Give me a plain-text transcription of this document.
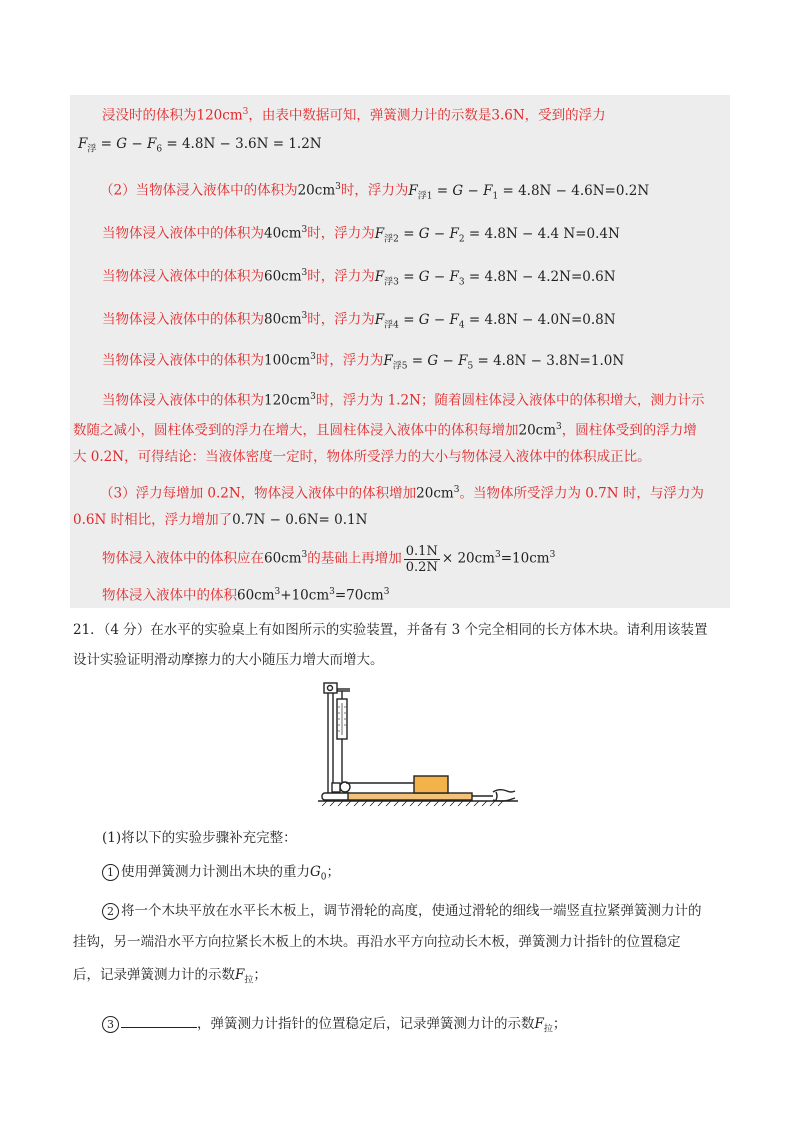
浸没时的体积为$120cm^3$，由表中数据可知，弹簧测力计的示数是3.6N，受到的浮力
$F_浮 = G - F_6 = 4.8N - 3.6N = 1.2N$
（2）当物体浸入液体中的体积为$20cm^3$时，浮力为$F_{浮1} = G - F_1 = 4.8N - 4.6N=0.2N$
当物体浸入液体中的体积为$40cm^3$时，浮力为$F_{浮2} = G - F_2 = 4.8N - 4.4$ N=0.4N
当物体浸入液体中的体积为$60cm^3$时，浮力为$F_{浮3} = G - F_3 = 4.8N - 4.2N=0.6N$
当物体浸入液体中的体积为$80cm^3$时，浮力为$F_{浮4} = G - F_4 = 4.8N - 4.0N=0.8N$
当物体浸入液体中的体积为$100cm^3$时，浮力为$F_{浮5} = G - F_5 = 4.8N - 3.8N=1.0N$
当物体浸入液体中的体积为$120cm^3$时，浮力为 1.2N；随着圆柱体浸入液体中的体积增大，测力计示
数随之减小，圆柱体受到的浮力在增大，且圆柱体浸入液体中的体积每增加$20cm^3$，圆柱体受到的浮力增
大 0.2N，可得结论：当液体密度一定时，物体所受浮力的大小与物体浸入液体中的体积成正比。
（3）浮力每增加 0.2N，物体浸入液体中的体积增加$20cm^3$。当物体所受浮力为 0.7N 时，与浮力为
0.6N 时相比，浮力增加了0.7N − 0.6N= 0.1N
物体浸入液体中的体积应在$60cm^3$的基础上再增加 $\frac{0.1N}{0.2N} \times 20cm^3=10cm^3$
物体浸入液体中的体积$60cm^3+10cm^3=70cm^3$
21．（4 分）在水平的实验桌上有如图所示的实验装置，并备有 3 个完全相同的长方体木块。请利用该装置
设计实验证明滑动摩擦力的大小随压力增大而增大。
(1)将以下的实验步骤补充完整：
1 使用弹簧测力计测出木块的重力$G_0$；
2 将一个木块平放在水平长木板上，调节滑轮的高度，使通过滑轮的细线一端竖直拉紧弹簧测力计的
挂钩，另一端沿水平方向拉紧长木板上的木块。再沿水平方向拉动长木板，弹簧测力计指针的位置稳定
后，记录弹簧测力计的示数$F_拉$；
3	，弹簧测力计指针的位置稳定后，记录弹簧测力计的示数$F_拉$；
